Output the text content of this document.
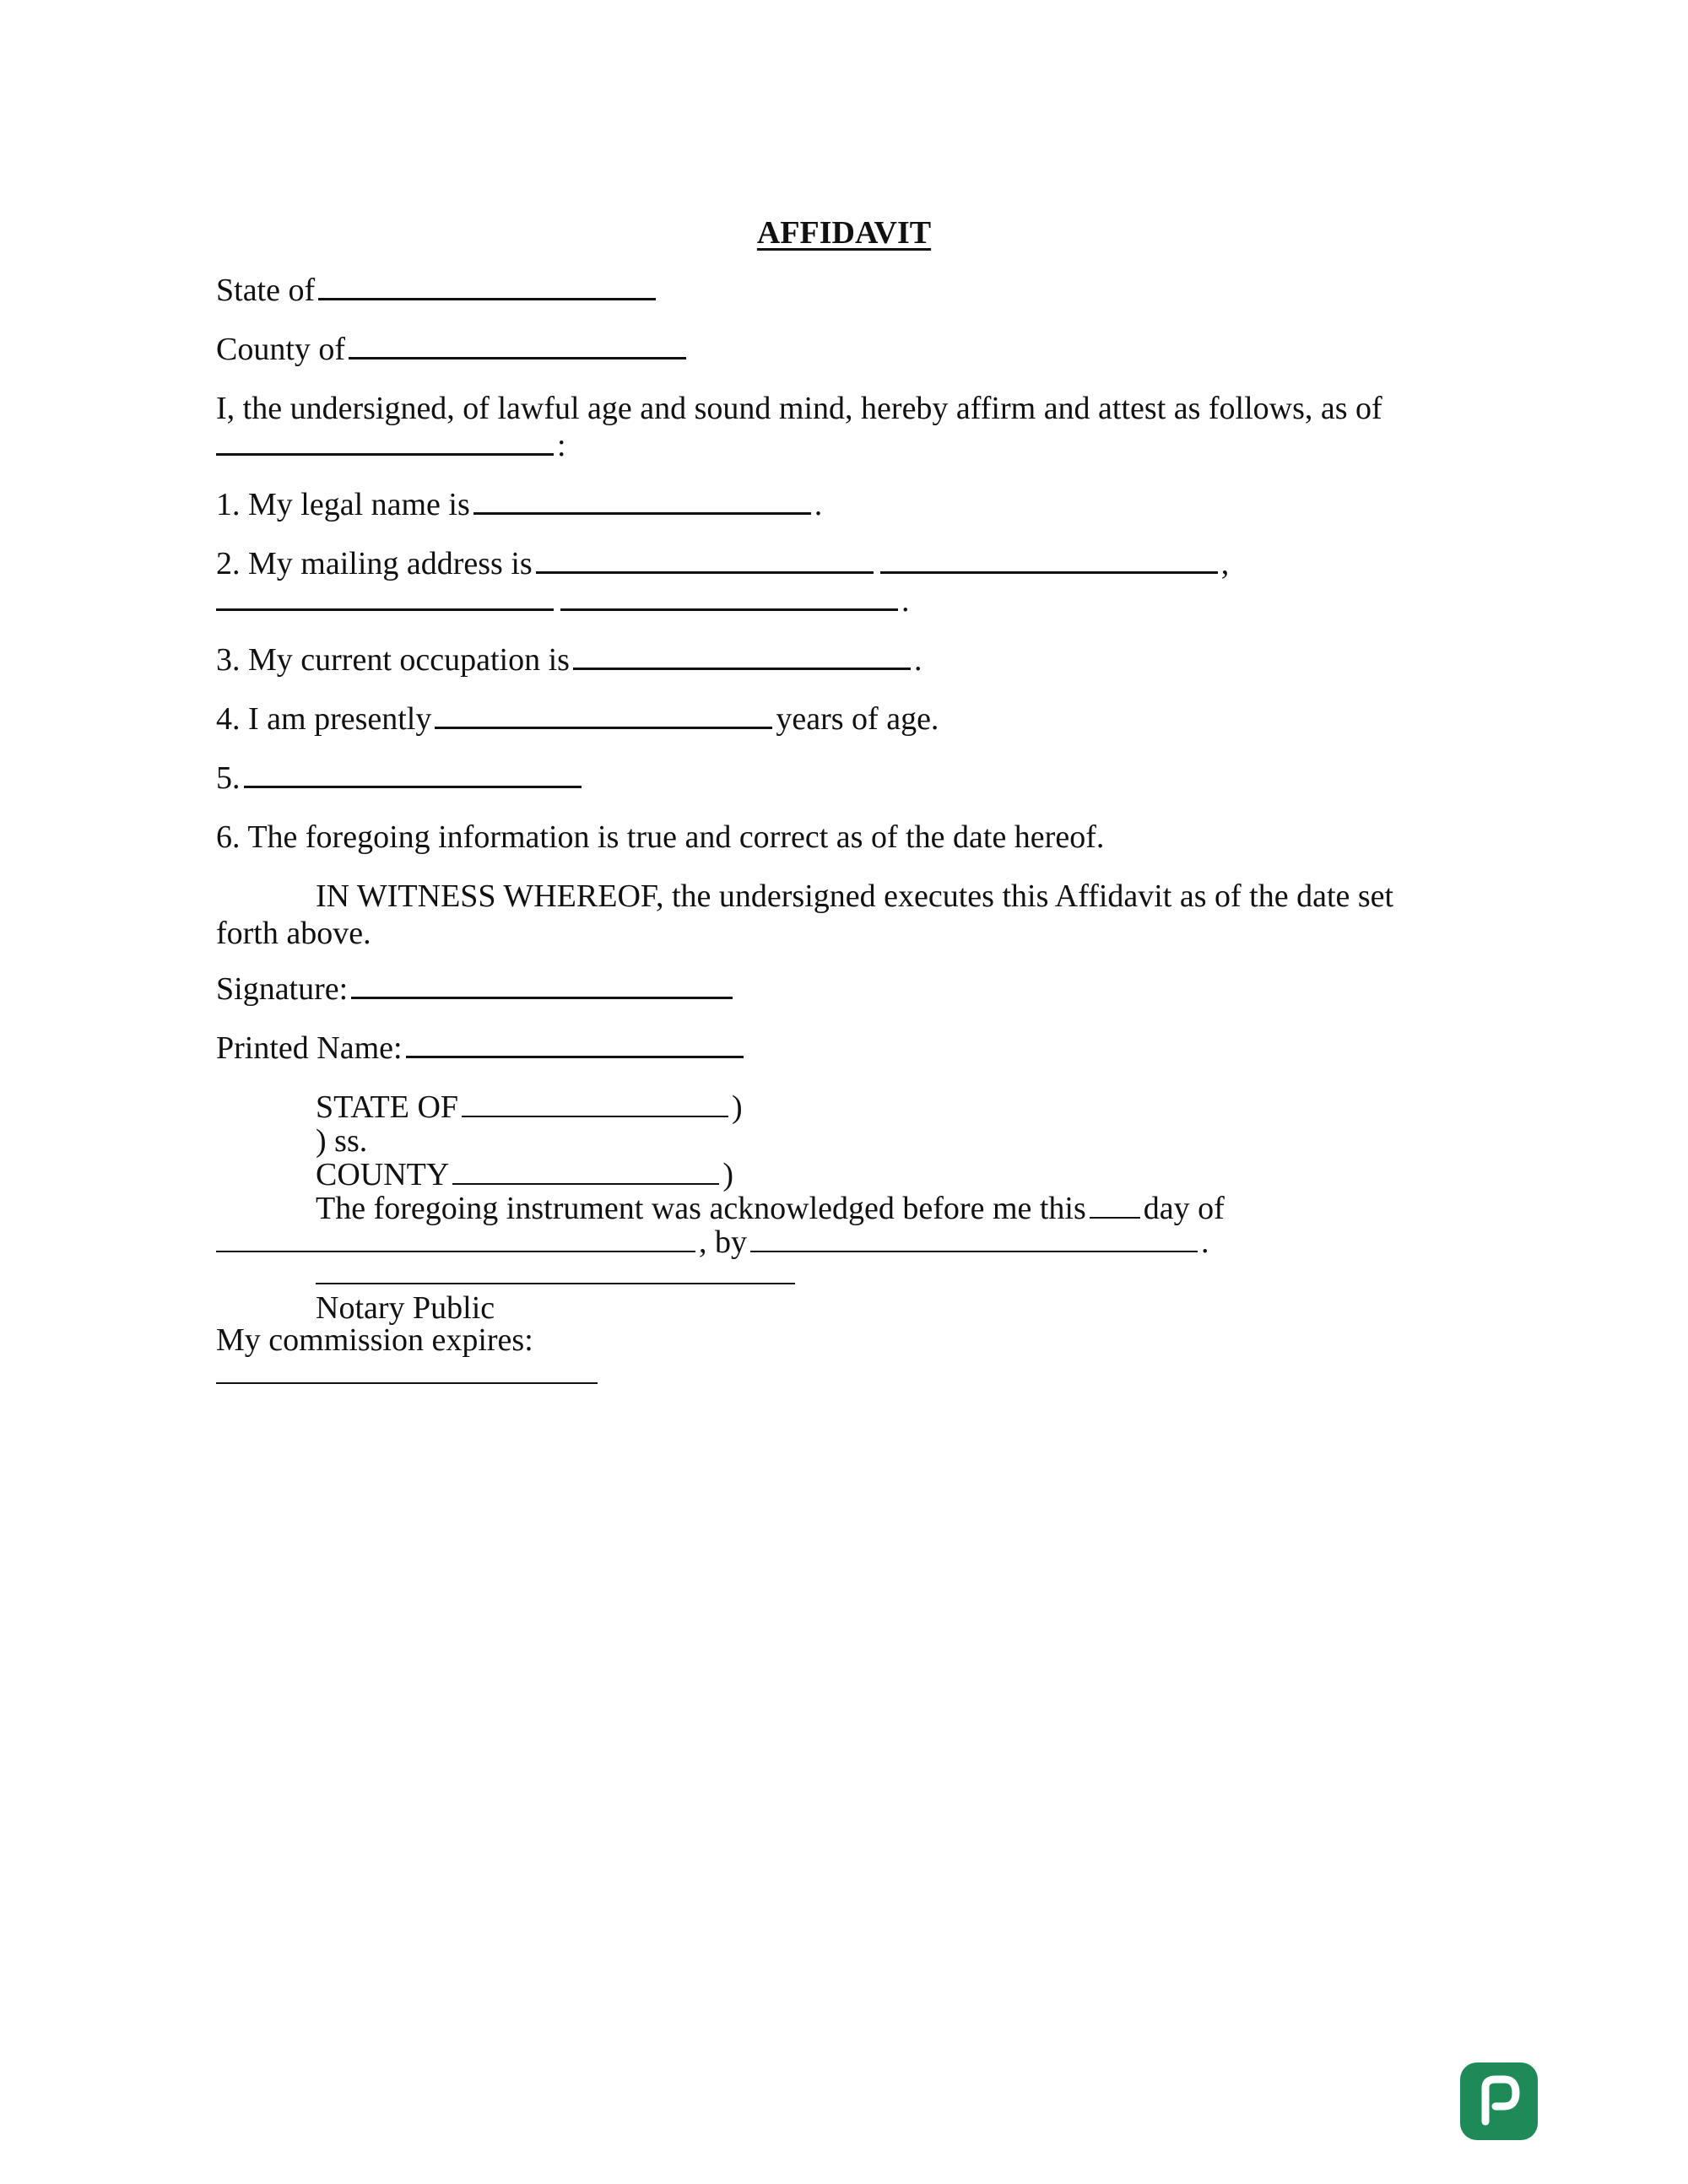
AFFIDAVIT
State of
County of
I, the undersigned, of lawful age and sound mind, hereby affirm and attest as follows, as of
:
1. My legal name is	.
2. My mailing address is	,
.
3. My current occupation is	.
4. I am presently	years of age.
5.
6. The foregoing information is true and correct as of the date hereof.
IN WITNESS WHEREOF, the undersigned executes this Affidavit as of the date set
forth above.
Signature:
Printed Name:
STATE OF	)
) ss.
COUNTY	)
The foregoing instrument was acknowledged before me this day of
, by	.
Notary Public
My commission expires:
